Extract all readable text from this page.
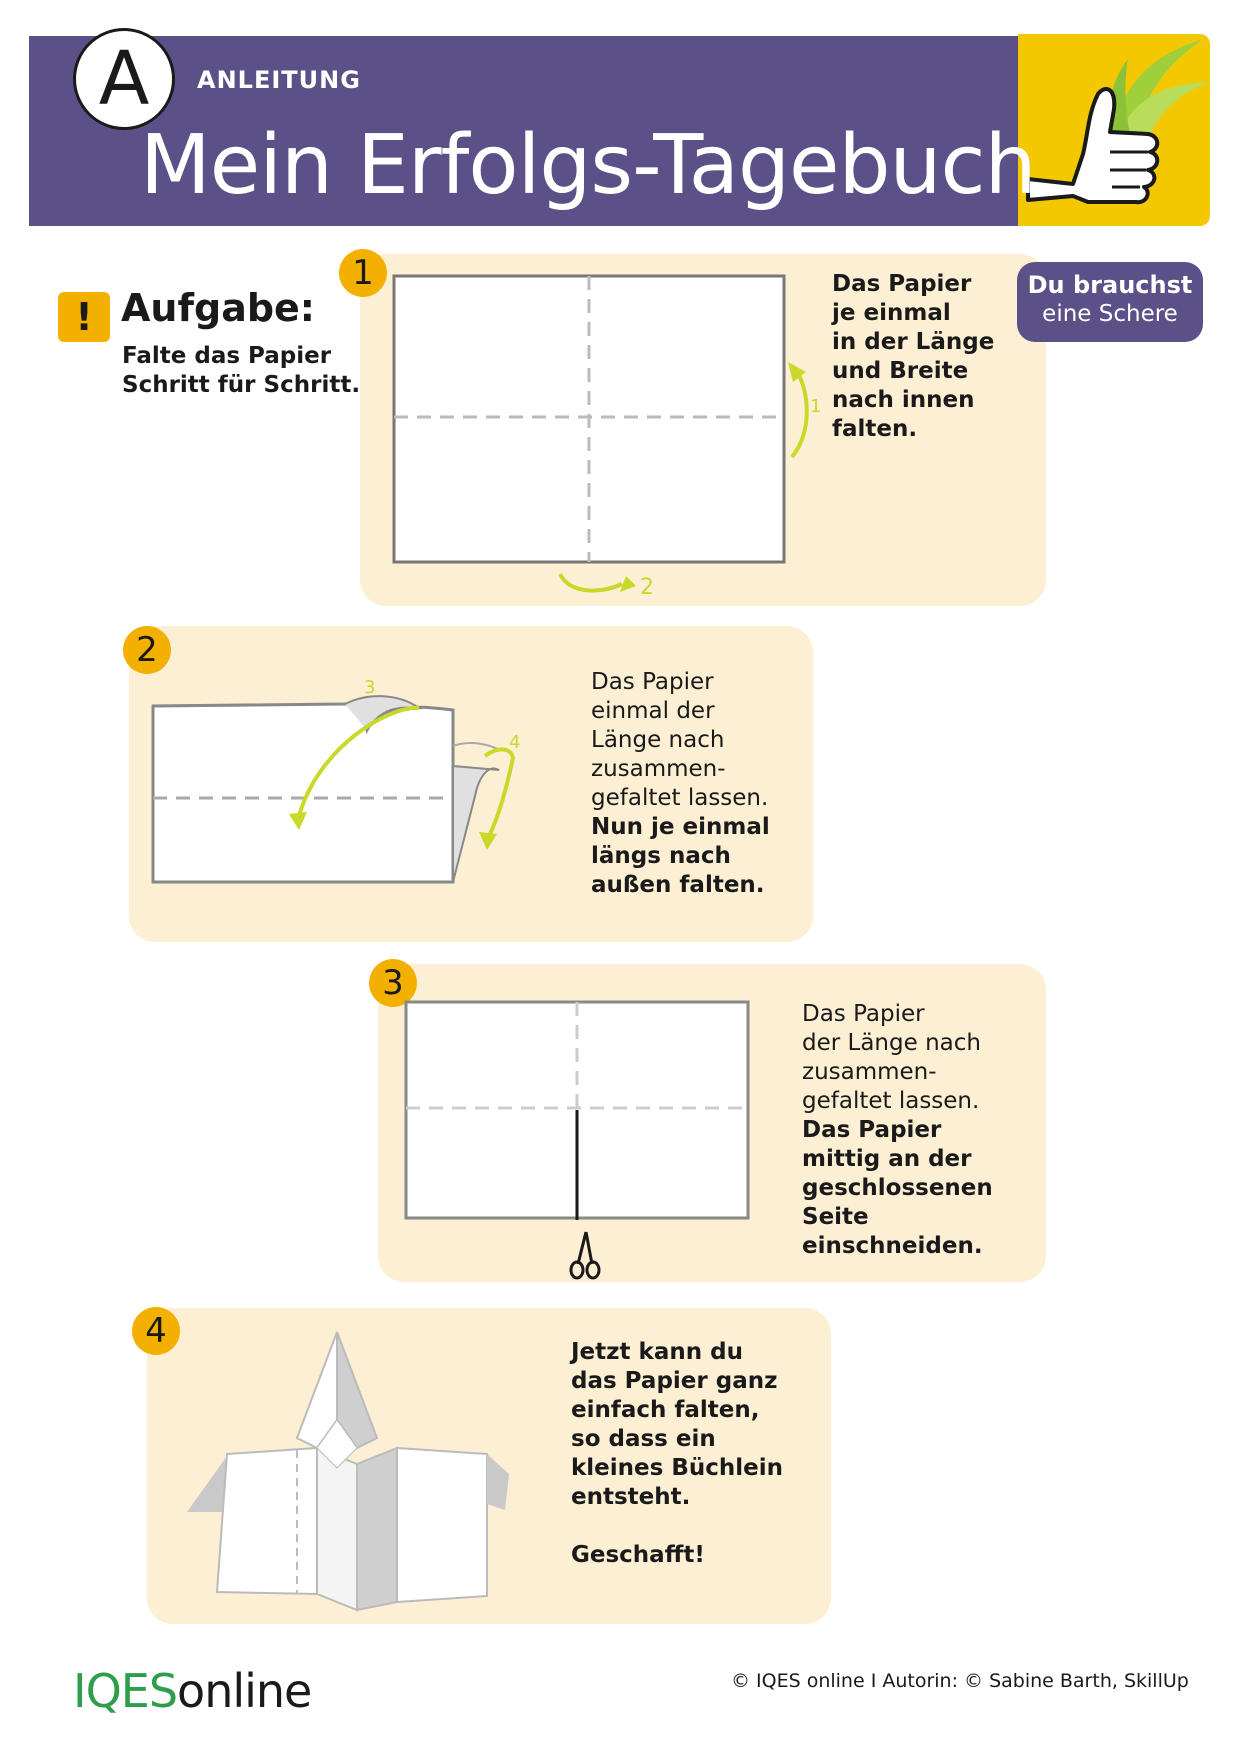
A	ANLEITUNG
Mein Erfolgs-Tagebuch
! Aufgabe:
Falte das Papier
Schritt für Schritt.
1
1
2
Das Papier
je einmal
in der Länge
und Breite
nach innen
falten.
Du brauchst
eine Schere
2
3
4
Das Papier
einmal der
Länge nach
zusammen-
gefaltet lassen.
Nun je einmal
längs nach
außen falten.
3
Das Papier
der Länge nach
zusammen-
gefaltet lassen.
Das Papier
mittig an der
geschlossenen
Seite
einschneiden.
4
Jetzt kann du
das Papier ganz
einfach falten,
so dass ein
kleines Büchlein
entsteht.
Geschafft!
IQESonline	© IQES online I Autorin: © Sabine Barth, SkillUp
